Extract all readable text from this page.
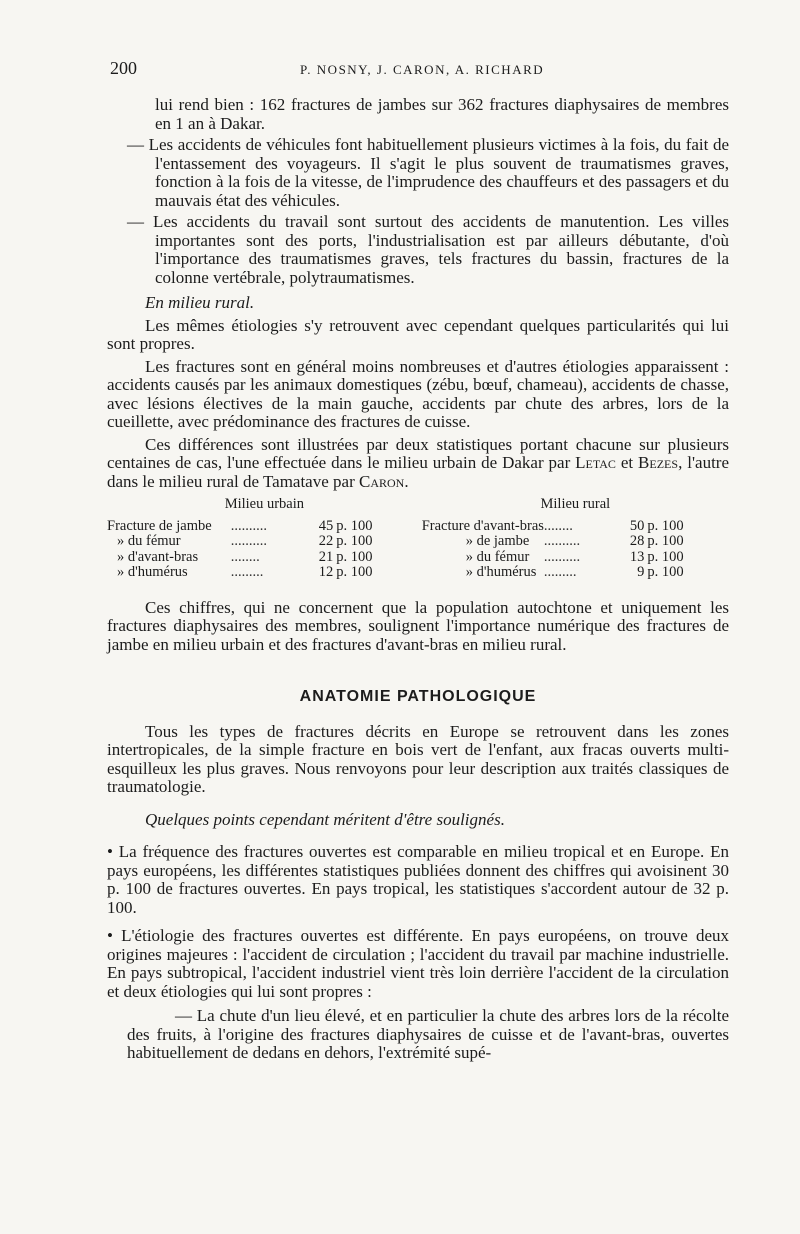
200	P. NOSNY, J. CARON, A. RICHARD

lui rend bien : 162 fractures de jambes sur 362 fractures diaphysaires de membres en 1 an à Dakar.

— Les accidents de véhicules font habituellement plusieurs victimes à la fois, du fait de l'entassement des voyageurs. Il s'agit le plus souvent de traumatismes graves, fonction à la fois de la vitesse, de l'imprudence des chauffeurs et des passagers et du mauvais état des véhicules.

— Les accidents du travail sont surtout des accidents de manutention. Les villes importantes sont des ports, l'industrialisation est par ailleurs débutante, d'où l'importance des traumatismes graves, tels fractures du bassin, fractures de la colonne vertébrale, polytraumatismes.

En milieu rural.

Les mêmes étiologies s'y retrouvent avec cependant quelques particularités qui lui sont propres.

Les fractures sont en général moins nombreuses et d'autres étiologies apparaissent : accidents causés par les animaux domestiques (zébu, bœuf, chameau), accidents de chasse, avec lésions électives de la main gauche, accidents par chute des arbres, lors de la cueillette, avec prédominance des fractures de cuisse.

Ces différences sont illustrées par deux statistiques portant chacune sur plusieurs centaines de cas, l'une effectuée dans le milieu urbain de Dakar par Letac et Bezes, l'autre dans le milieu rural de Tamatave par Caron.

Milieu urbain				Milieu rural			
Fracture de jambe	..........	45	p. 100	Fracture d'avant-bras	........	50	p. 100
» du fémur	..........	22	p. 100	» de jambe	..........	28	p. 100
» d'avant-bras	........	21	p. 100	» du fémur	..........	13	p. 100
» d'humérus	.........	12	p. 100	» d'humérus	.........	9	p. 100

Ces chiffres, qui ne concernent que la population autochtone et uniquement les fractures diaphysaires des membres, soulignent l'importance numérique des fractures de jambe en milieu urbain et des fractures d'avant-bras en milieu rural.

ANATOMIE PATHOLOGIQUE

Tous les types de fractures décrits en Europe se retrouvent dans les zones intertropicales, de la simple fracture en bois vert de l'enfant, aux fracas ouverts multi-esquilleux les plus graves. Nous renvoyons pour leur description aux traités classiques de traumatologie.

Quelques points cependant méritent d'être soulignés.

• La fréquence des fractures ouvertes est comparable en milieu tropical et en Europe. En pays européens, les différentes statistiques publiées donnent des chiffres qui avoisinent 30 p. 100 de fractures ouvertes. En pays tropical, les statistiques s'accordent autour de 32 p. 100.

• L'étiologie des fractures ouvertes est différente. En pays européens, on trouve deux origines majeures : l'accident de circulation ; l'accident du travail par machine industrielle. En pays subtropical, l'accident industriel vient très loin derrière l'accident de la circulation et deux étiologies qui lui sont propres :

— La chute d'un lieu élevé, et en particulier la chute des arbres lors de la récolte des fruits, à l'origine des fractures diaphysaires de cuisse et de l'avant-bras, ouvertes habituellement de dedans en dehors, l'extrémité supé-
